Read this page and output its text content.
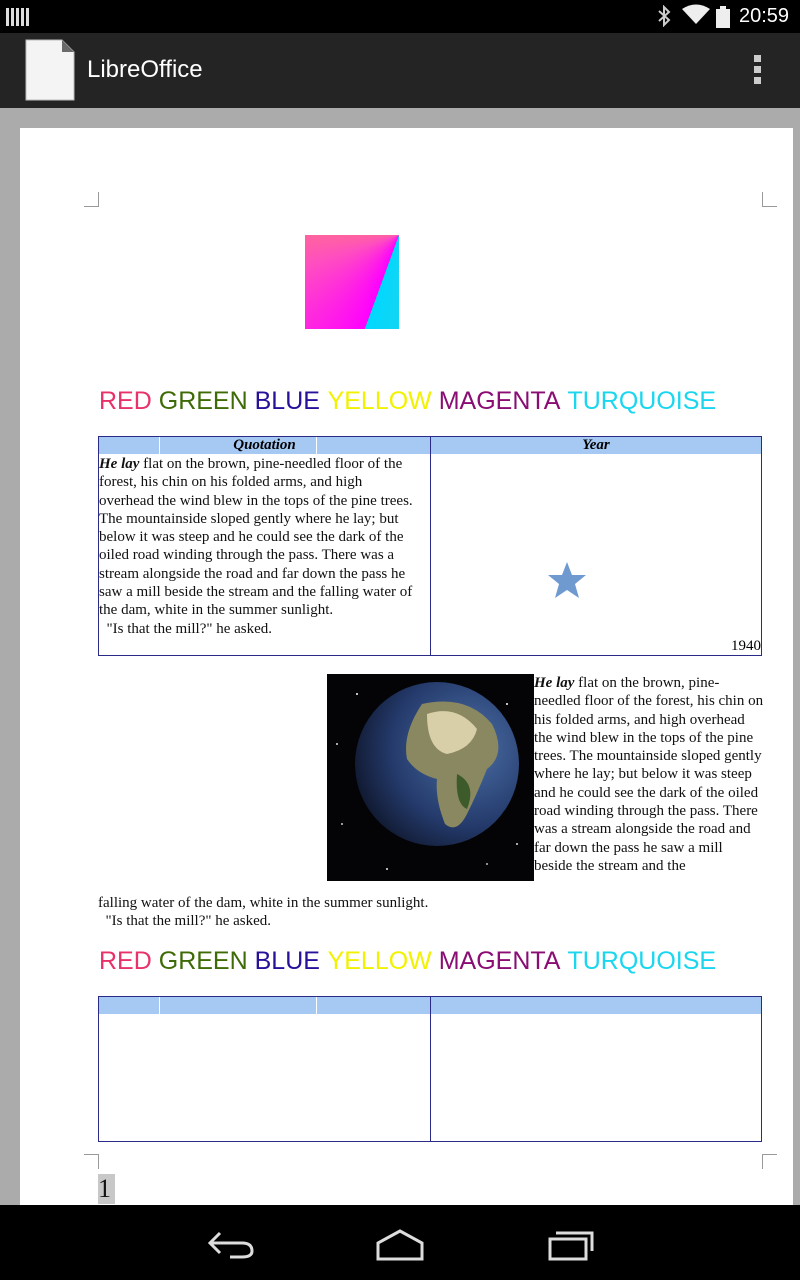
20:59
LibreOffice
RED GREEN BLUE YELLOW MAGENTA TURQUOISE
Quotation	Year
He lay flat on the brown, pine-needled floor of the forest, his chin on his folded arms, and high overhead the wind blew in the tops of the pine trees. The mountainside sloped gently where he lay; but below it was steep and he could see the dark of the oiled road winding through the pass. There was a stream alongside the road and far down the pass he saw a mill beside the stream and the falling water of the dam, white in the summer sunlight.
"Is that the mill?" he asked.
1940
He lay flat on the brown, pine-needled floor of the forest, his chin on his folded arms, and high overhead the wind blew in the tops of the pine trees. The mountainside sloped gently where he lay; but below it was steep and he could see the dark of the oiled road winding through the pass. There was a stream alongside the road and far down the pass he saw a mill beside the stream and the
falling water of the dam, white in the summer sunlight.
"Is that the mill?" he asked.
RED GREEN BLUE YELLOW MAGENTA TURQUOISE
1
